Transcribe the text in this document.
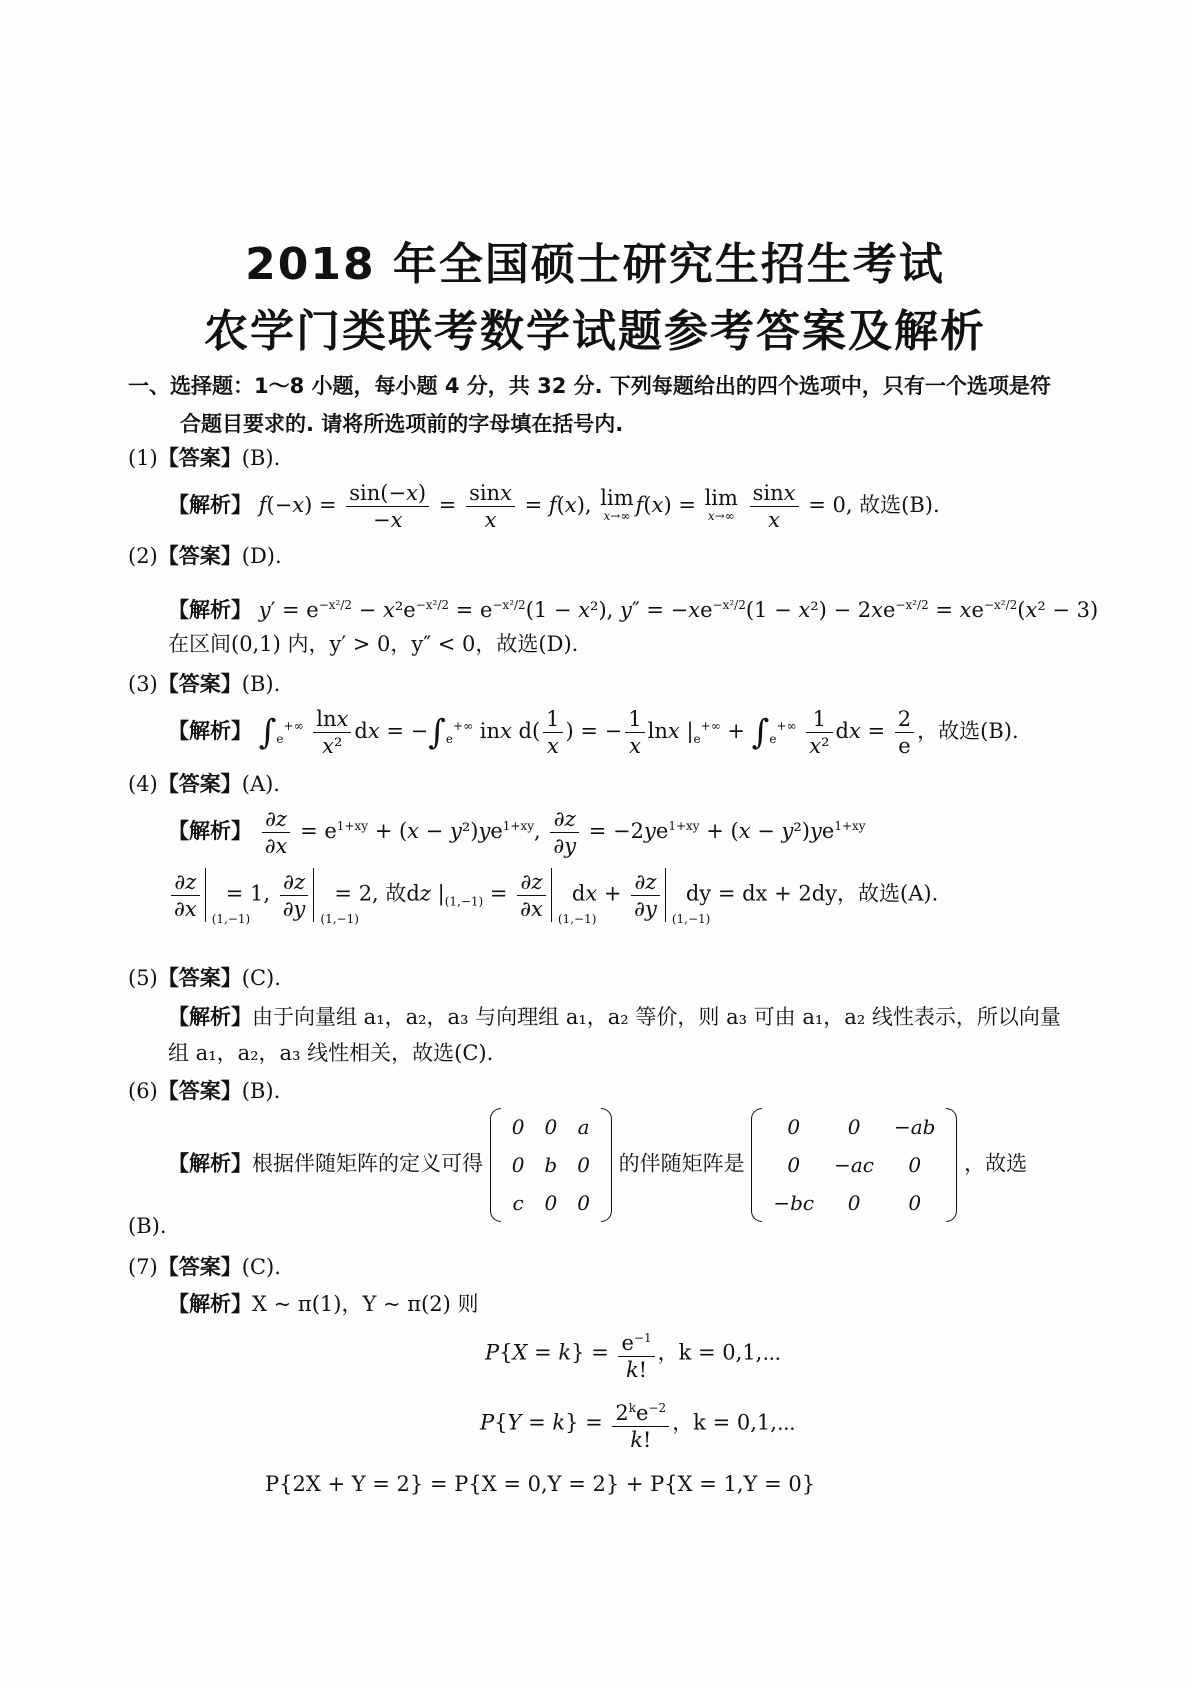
2018 年全国硕士研究生招生考试
农学门类联考数学试题参考答案及解析
一、选择题：1～8 小题，每小题 4 分，共 32 分. 下列每题给出的四个选项中，只有一个选项是符
合题目要求的. 请将所选项前的字母填在括号内.
(1)【答案】(B).
【解析】 $f(-x) = \frac{\sin(-x)}{-x} = \frac{\sin x}{x} = f(x)$, lim
x→∞ f(x) = lim
x→∞
$\frac{\sin x}{x} = 0$, 故选(B).
(2)【答案】(D).
【解析】 $y' = e^{-x^2/2} - x^2e^{-x^2/2} = e^{-x^2/2}(1 - x^2)$, $y'' = -xe^{-x^2/2}(1 - x^2) - 2xe^{-x^2/2} = xe^{-x^2/2}(x^2 - 3)$
在区间(0,1) 内，y′ > 0，y″ < 0，故选(D).
(3)【答案】(B).
【解析】 $\int_e^{+\infty} \frac{\ln x}{\text{x²}}$ dx = $-\int_e^{+\infty}$ inx $d( \frac{1}{x}$ ) = − $\frac{1}{x}$ lnx $|_e^{+\infty} + \int_e^{+\infty} \frac{1}{\text{x²}}$ dx = $\frac{2}{e}$ ，故选(B).
(4)【答案】(A).
【解析】 $\frac{\partial z}{\partial x} = e^{1+xy} + (x - y^2)ye^{1+xy}$, $\frac{\partial z}{\partial y} = -2ye^{1+xy} + (x - y^2)ye^{1+xy}$
$\frac{\partial z}{\partial x} (1,-1)$
= 1, $\frac{\partial z}{\partial y} (1,-1)$
= 2, 故dz $|_{(1,-1)} = \frac{\partial z}{\partial x} (1,-1)$
dx + $\frac{\partial z}{\partial y} (1,-1)$
dy = dx + 2dy，故选(A).
(5)【答案】(C).
【解析】由于向量组 a₁，a₂，a₃ 与向理组 a₁，a₂ 等价，则 a₃ 可由 a₁，a₂ 线性表示，所以向量
组 a₁，a₂，a₃ 线性相关，故选(C).
(6)【答案】(B).
【解析】根据伴随矩阵的定义可得
0	0	a
0	b	0
c	0	0
的伴随矩阵是
0	0	−ab
0	−ac	0
−bc	0	0
，故选
(B).
(7)【答案】(C).
【解析】X ~ π(1)，Y ~ π(2) 则
$P\{X = k\} = \frac{e^{-1}}{k!}$ ，k = 0,1,⋯
$P\{Y = k\} = \frac{2^ke^{-2}}{k!}$ ，k = 0,1,⋯
P{2X + Y = 2} = P{X = 0,Y = 2} + P{X = 1,Y = 0}
